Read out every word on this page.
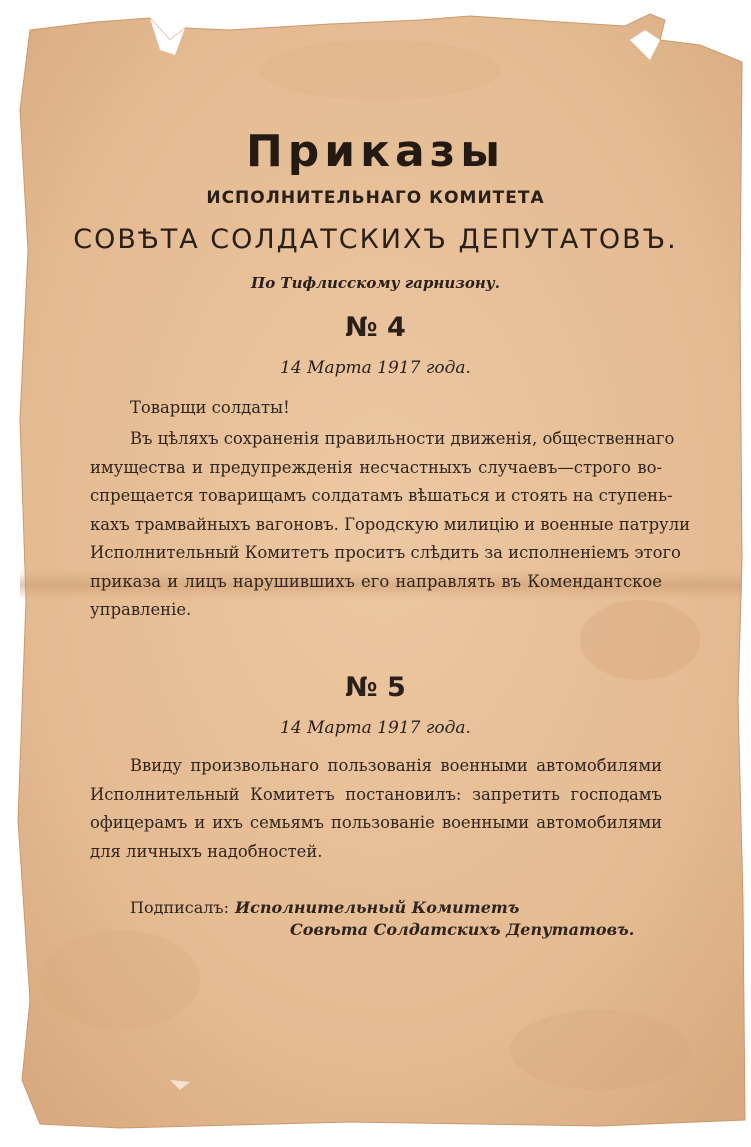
Приказы
ИСПОЛНИТЕЛЬНАГО КОМИТЕТА
СОВѢТА СОЛДАТСКИХЪ ДЕПУТАТОВЪ.
По Тифлисскому гарнизону.
№ 4
14 Марта 1917 года.
Товарщи солдаты!
Въ цѣляхъ сохраненія правильности движенія, общественнаго
имущества и предупрежденія несчастныхъ случаевъ—строго во-
спрещается товарищамъ солдатамъ вѣшаться и стоять на ступень-
кахъ трамвайныхъ вагоновъ. Городскую милицію и военные патрули
Исполнительный Комитетъ проситъ слѣдить за исполненіемъ этого
приказа и лицъ нарушившихъ его направлять въ Комендантское
управленіе.
№ 5
14 Марта 1917 года.
Ввиду произвольнаго пользованія военными автомобилями
Исполнительный Комитетъ постановилъ: запретить господамъ
офицерамъ и ихъ семьямъ пользованіе военными автомобилями
для личныхъ надобностей.
Подписалъ: Исполнительный Комитетъ
Совѣта Солдатскихъ Депутатовъ.
